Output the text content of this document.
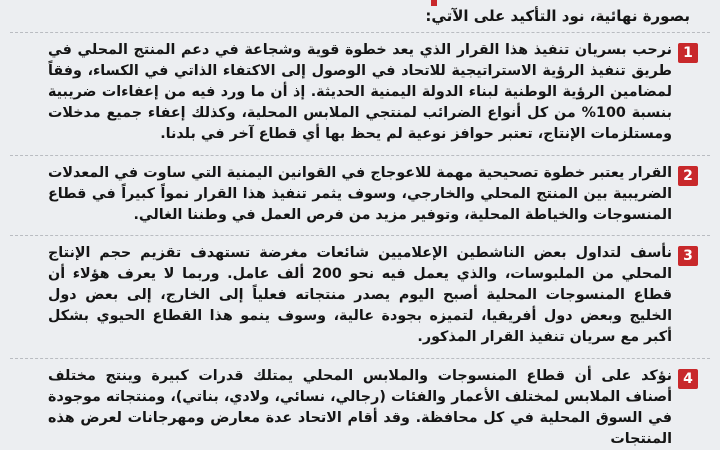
بصورة نهائية، نود التأكيد على الآتي:
1

نرحب بسريان تنفيذ هذا القرار الذي يعد خطوة قوية وشجاعة في دعم المنتج المحلي في طريق تنفيذ الرؤية الاستراتيجية للاتحاد في الوصول إلى الاكتفاء الذاتي في الكساء، وفقاً لمضامين الرؤية الوطنية لبناء الدولة اليمنية الحديثة. إذ أن ما ورد فيه من إعفاءات ضريبية بنسبة 100% من كل أنواع الضرائب لمنتجي الملابس المحلية، وكذلك إعفاء جميع مدخلات ومستلزمات الإنتاج، تعتبر حوافز نوعية لم يحظ بها أي قطاع آخر في بلدنا.

2

القرار يعتبر خطوة تصحيحية مهمة للاعوجاج في القوانين اليمنية التي ساوت في المعدلات الضريبية بين المنتج المحلي والخارجي، وسوف يثمر تنفيذ هذا القرار نمواً كبيراً في قطاع المنسوجات والخياطة المحلية، وتوفير مزيد من فرص العمل في وطننا الغالي.

3

نأسف لتداول بعض الناشطين الإعلاميين شائعات مغرضة تستهدف تقزيم حجم الإنتاج المحلي من الملبوسات، والذي يعمل فيه نحو 200 ألف عامل. وربما لا يعرف هؤلاء أن قطاع المنسوجات المحلية أصبح اليوم يصدر منتجاته فعلياً إلى الخارج، إلى بعض دول الخليج وبعض دول أفريقيا، لتميزه بجودة عالية، وسوف ينمو هذا القطاع الحيوي بشكل أكبر مع سريان تنفيذ القرار المذكور.

4

نؤكد على أن قطاع المنسوجات والملابس المحلي يمتلك قدرات كبيرة وينتج مختلف أصناف الملابس لمختلف الأعمار والفئات (رجالي، نسائي، ولادي، بناتي)، ومنتجاته موجودة في السوق المحلية في كل محافظة. وقد أقام الاتحاد عدة معارض ومهرجانات لعرض هذه المنتجات
